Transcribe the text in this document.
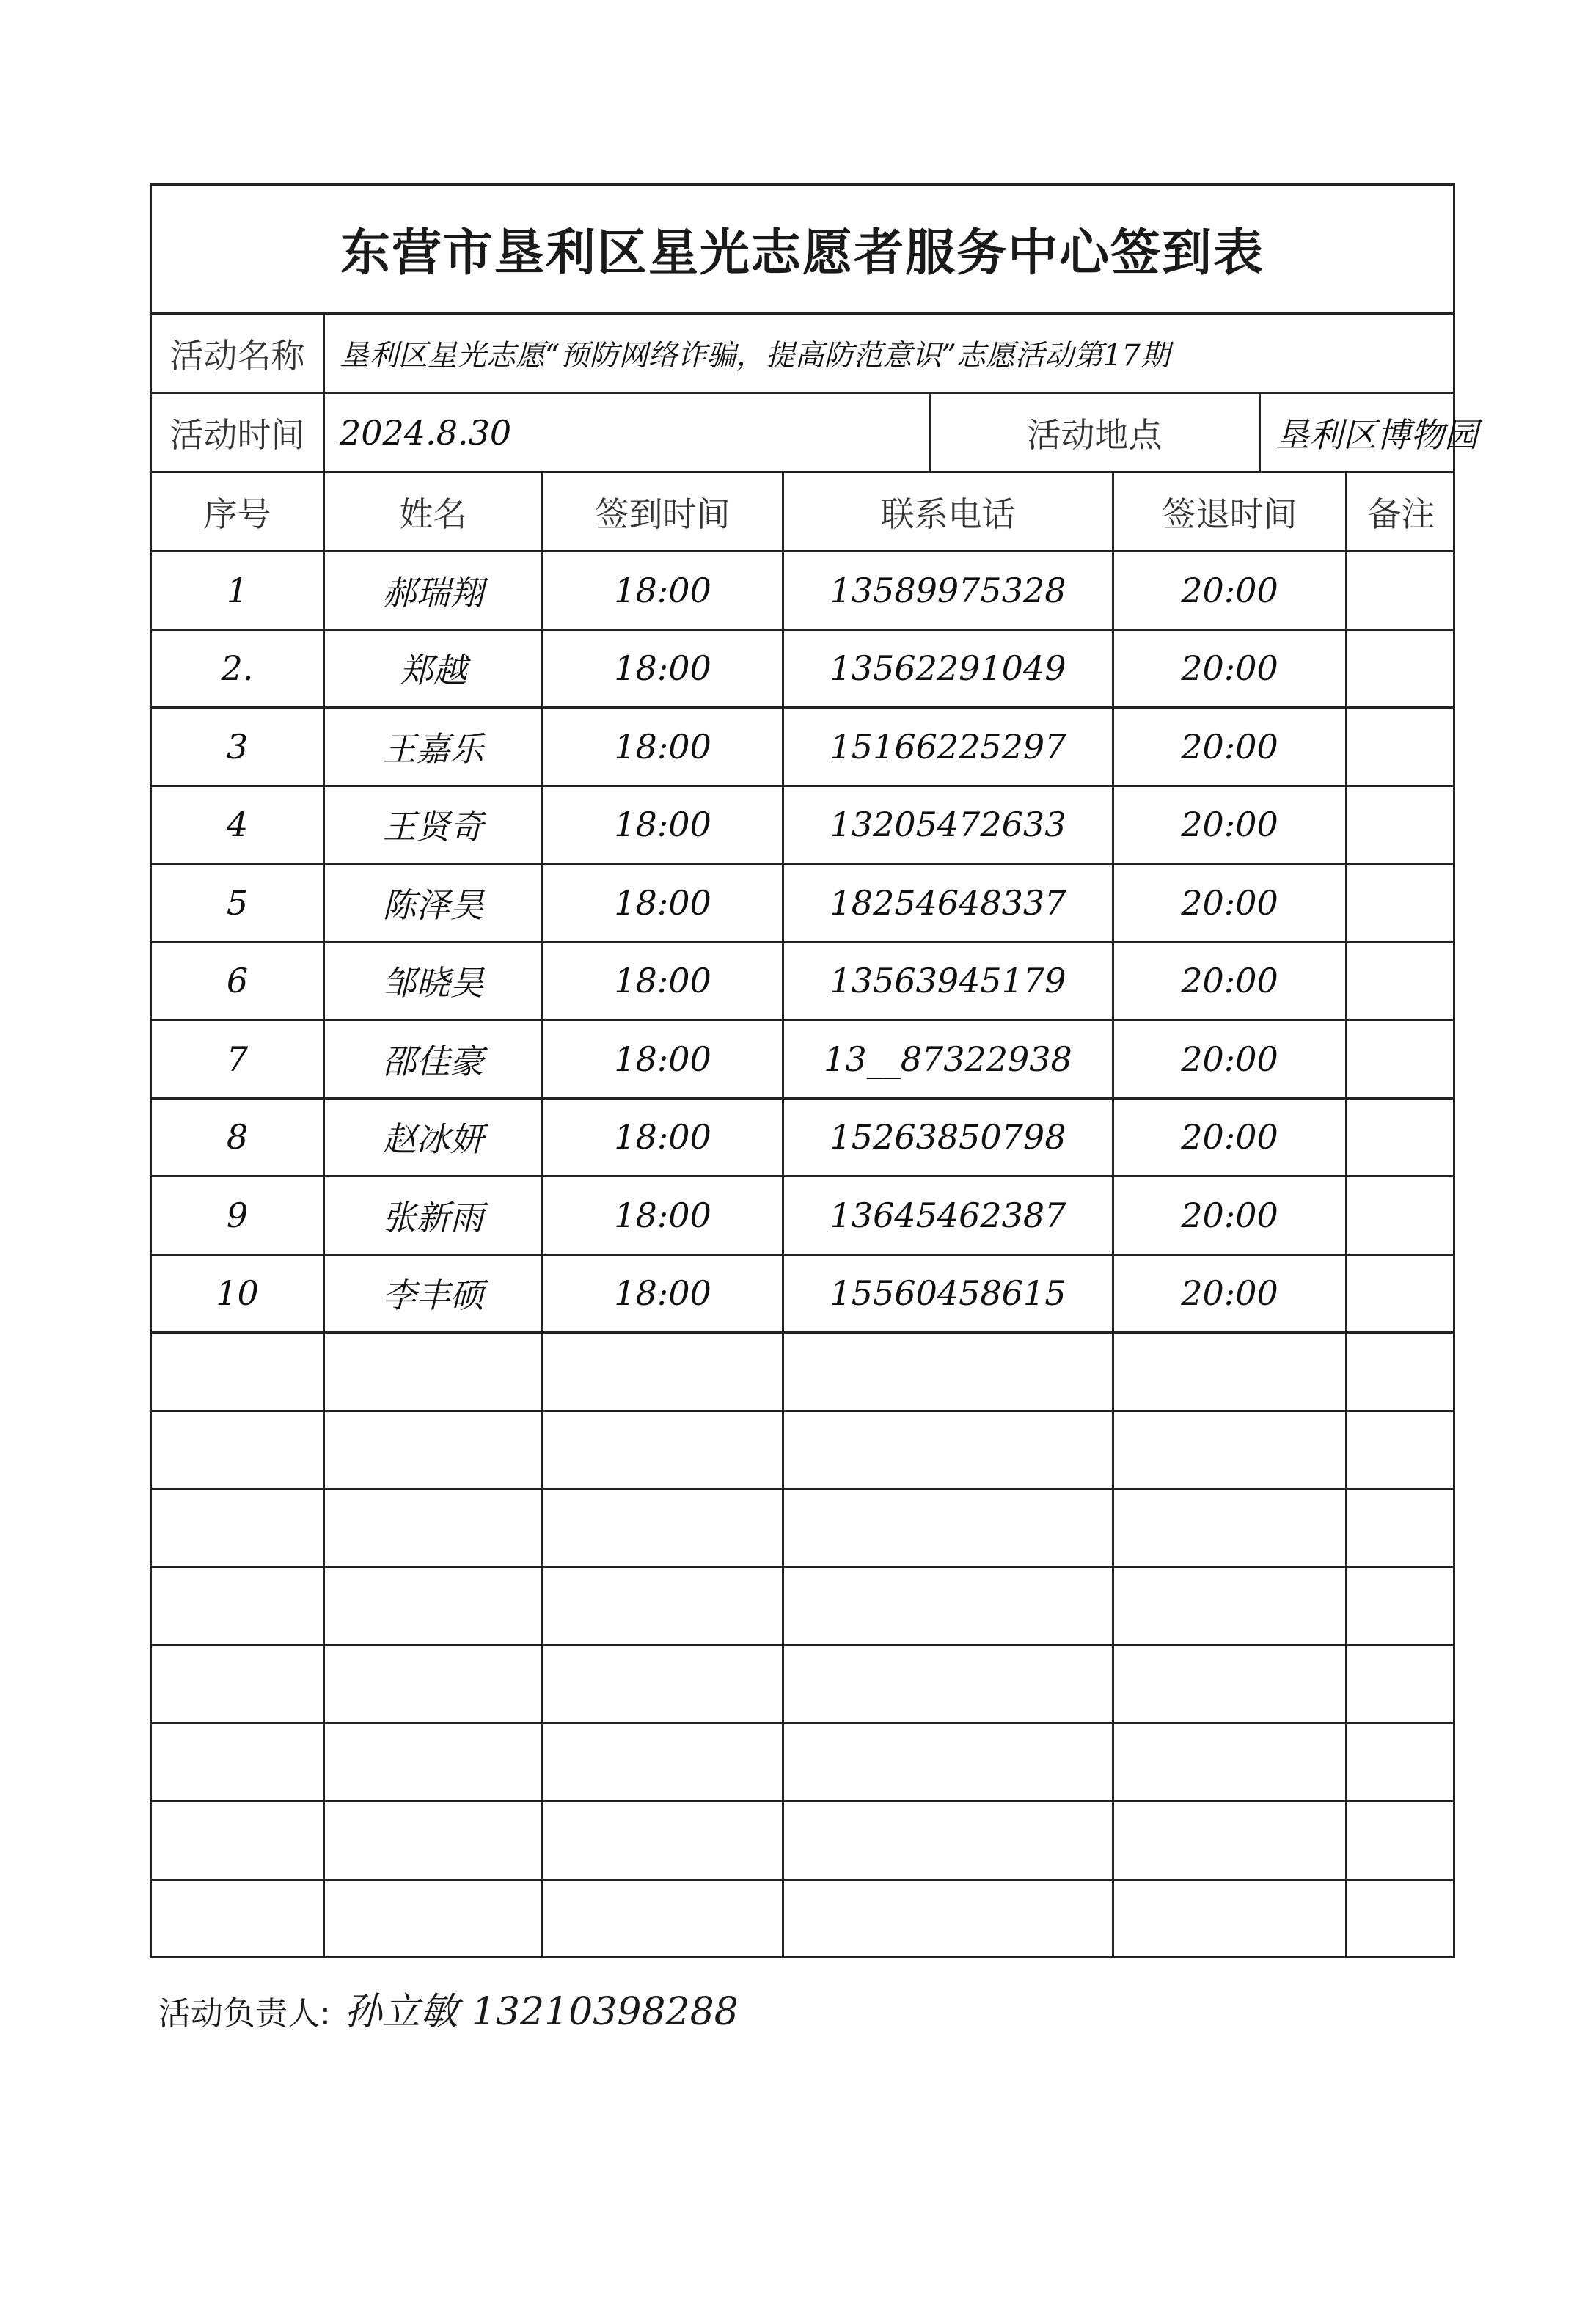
东营市垦利区星光志愿者服务中心签到表
活动名称	垦利区星光志愿“预防网络诈骗，提高防范意识”志愿活动第17期
活动时间	2024.8.30	活动地点	垦利区博物园
序号	姓名	签到时间	联系电话	签退时间	备注
1	郝瑞翔	18:00	13589975328	20:00
2.	郑越	18:00	13562291049	20:00
3	王嘉乐	18:00	15166225297	20:00
4	王贤奇	18:00	13205472633	20:00
5	陈泽昊	18:00	18254648337	20:00
6	邹晓昊	18:00	13563945179	20:00
7	邵佳豪	18:00	13__87322938	20:00
8	赵冰妍	18:00	15263850798	20:00
9	张新雨	18:00	13645462387	20:00
10	李丰硕	18:00	15560458615	20:00
活动负责人: 孙立敏 13210398288
